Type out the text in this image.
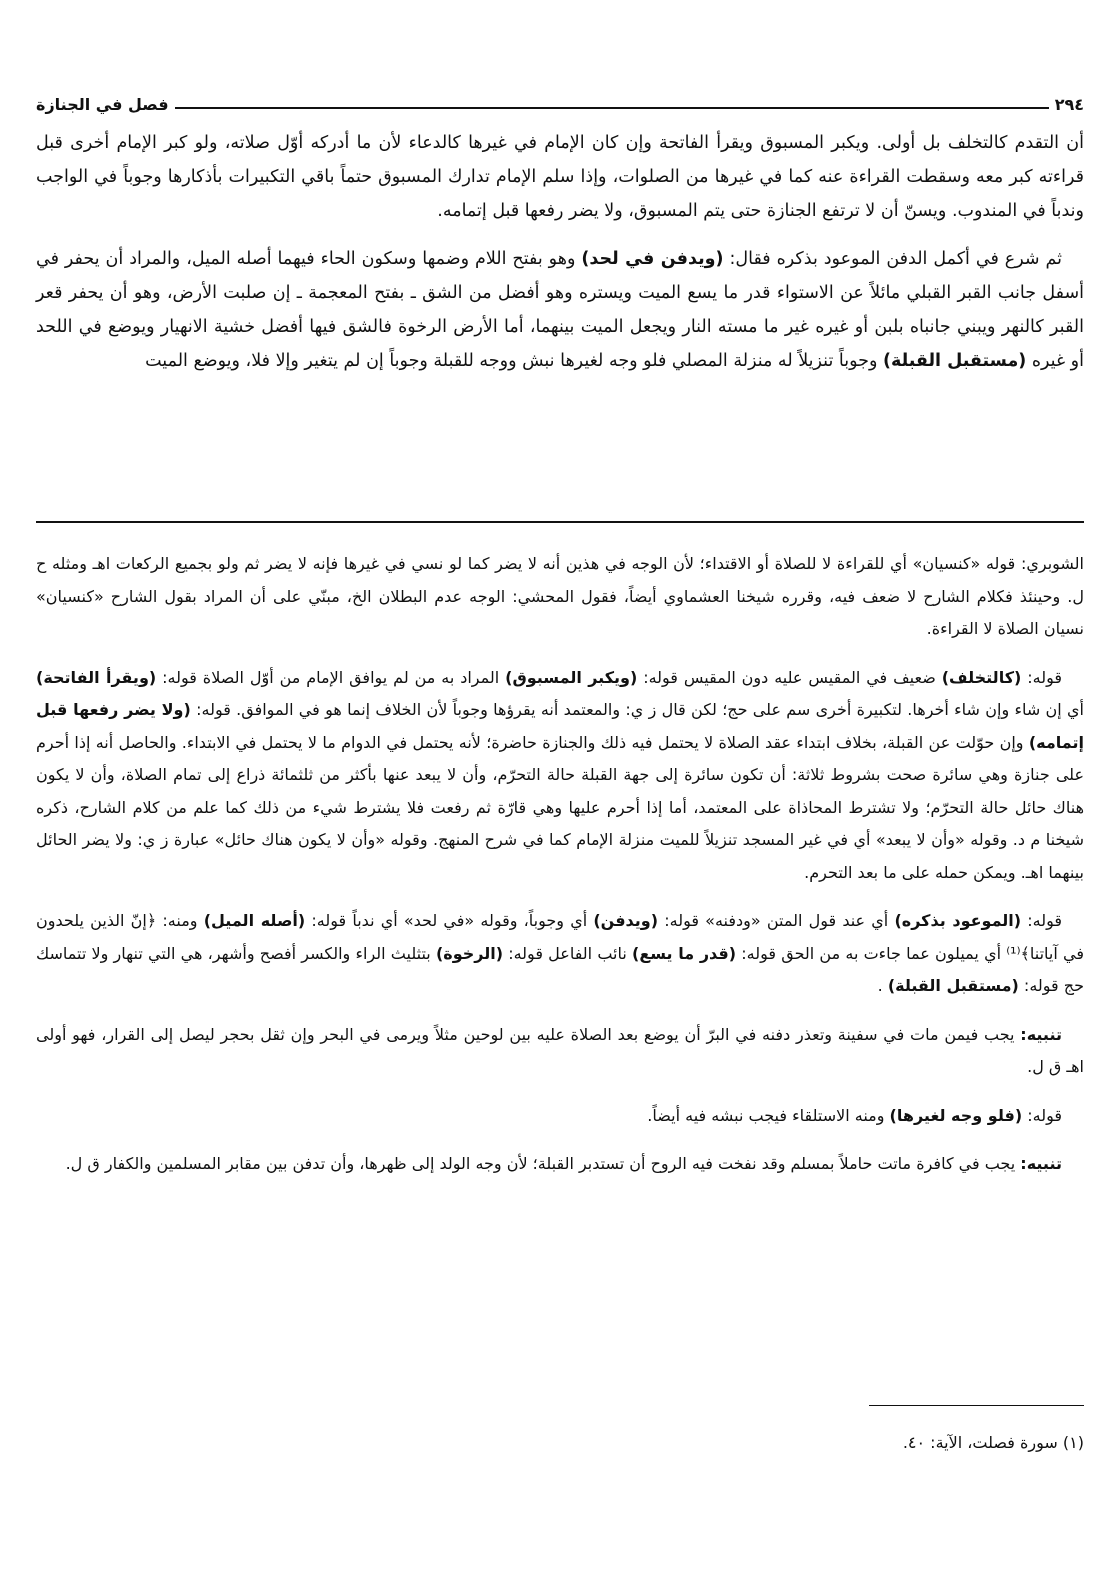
٢٩٤
فصل في الجنازة

أن التقدم كالتخلف بل أولى. ويكبر المسبوق ويقرأ الفاتحة وإن كان الإمام في غيرها كالدعاء لأن ما أدركه أوّل صلاته، ولو كبر الإمام أخرى قبل قراءته كبر معه وسقطت القراءة عنه كما في غيرها من الصلوات، وإذا سلم الإمام تدارك المسبوق حتماً باقي التكبيرات بأذكارها وجوباً في الواجب وندباً في المندوب. ويسنّ أن لا ترتفع الجنازة حتى يتم المسبوق، ولا يضر رفعها قبل إتمامه.

ثم شرع في أكمل الدفن الموعود بذكره فقال: (ويدفن في لحد) وهو بفتح اللام وضمها وسكون الحاء فيهما أصله الميل، والمراد أن يحفر في أسفل جانب القبر القبلي مائلاً عن الاستواء قدر ما يسع الميت ويستره وهو أفضل من الشق ـ بفتح المعجمة ـ إن صلبت الأرض، وهو أن يحفر قعر القبر كالنهر ويبني جانباه بلبن أو غيره غير ما مسته النار ويجعل الميت بينهما، أما الأرض الرخوة فالشق فيها أفضل خشية الانهيار ويوضع في اللحد أو غيره (مستقبل القبلة) وجوباً تنزيلاً له منزلة المصلي فلو وجه لغيرها نبش ووجه للقبلة وجوباً إن لم يتغير وإلا فلا، ويوضع الميت

الشوبري: قوله «كنسيان» أي للقراءة لا للصلاة أو الاقتداء؛ لأن الوجه في هذين أنه لا يضر كما لو نسي في غيرها فإنه لا يضر ثم ولو بجميع الركعات اهـ ومثله ح ل. وحينئذ فكلام الشارح لا ضعف فيه، وقرره شيخنا العشماوي أيضاً، فقول المحشي: الوجه عدم البطلان الخ، مبنّي على أن المراد بقول الشارح «كنسيان» نسيان الصلاة لا القراءة.

قوله: (كالتخلف) ضعيف في المقيس عليه دون المقيس قوله: (ويكبر المسبوق) المراد به من لم يوافق الإمام من أوّل الصلاة قوله: (ويقرأ الفاتحة) أي إن شاء وإن شاء أخرها. لتكبيرة أخرى سم على حج؛ لكن قال ز ي: والمعتمد أنه يقرؤها وجوباً لأن الخلاف إنما هو في الموافق. قوله: (ولا يضر رفعها قبل إتمامه) وإن حوّلت عن القبلة، بخلاف ابتداء عقد الصلاة لا يحتمل فيه ذلك والجنازة حاضرة؛ لأنه يحتمل في الدوام ما لا يحتمل في الابتداء. والحاصل أنه إذا أحرم على جنازة وهي سائرة صحت بشروط ثلاثة: أن تكون سائرة إلى جهة القبلة حالة التحرّم، وأن لا يبعد عنها بأكثر من ثلثمائة ذراع إلى تمام الصلاة، وأن لا يكون هناك حائل حالة التحرّم؛ ولا تشترط المحاذاة على المعتمد، أما إذا أحرم عليها وهي قارّة ثم رفعت فلا يشترط شيء من ذلك كما علم من كلام الشارح، ذكره شيخنا م د. وقوله «وأن لا يبعد» أي في غير المسجد تنزيلاً للميت منزلة الإمام كما في شرح المنهج. وقوله «وأن لا يكون هناك حائل» عبارة ز ي: ولا يضر الحائل بينهما اهـ. ويمكن حمله على ما بعد التحرم.

قوله: (الموعود بذكره) أي عند قول المتن «ودفنه» قوله: (ويدفن) أي وجوباً، وقوله «في لحد» أي ندباً قوله: (أصله الميل) ومنه: ﴿إنّ الذين يلحدون في آياتنا﴾⁽¹⁾ أي يميلون عما جاءت به من الحق قوله: (قدر ما يسع) نائب الفاعل قوله: (الرخوة) بتثليث الراء والكسر أفصح وأشهر، هي التي تنهار ولا تتماسك حج قوله: (مستقبل القبلة) .

تنبيه: يجب فيمن مات في سفينة وتعذر دفنه في البرّ أن يوضع بعد الصلاة عليه بين لوحين مثلاً ويرمى في البحر وإن ثقل بحجر ليصل إلى القرار، فهو أولى اهـ ق ل.

قوله: (فلو وجه لغيرها) ومنه الاستلقاء فيجب نبشه فيه أيضاً.

تنبيه: يجب في كافرة ماتت حاملاً بمسلم وقد نفخت فيه الروح أن تستدبر القبلة؛ لأن وجه الولد إلى ظهرها، وأن تدفن بين مقابر المسلمين والكفار ق ل.

(١) سورة فصلت، الآية: ٤٠.
